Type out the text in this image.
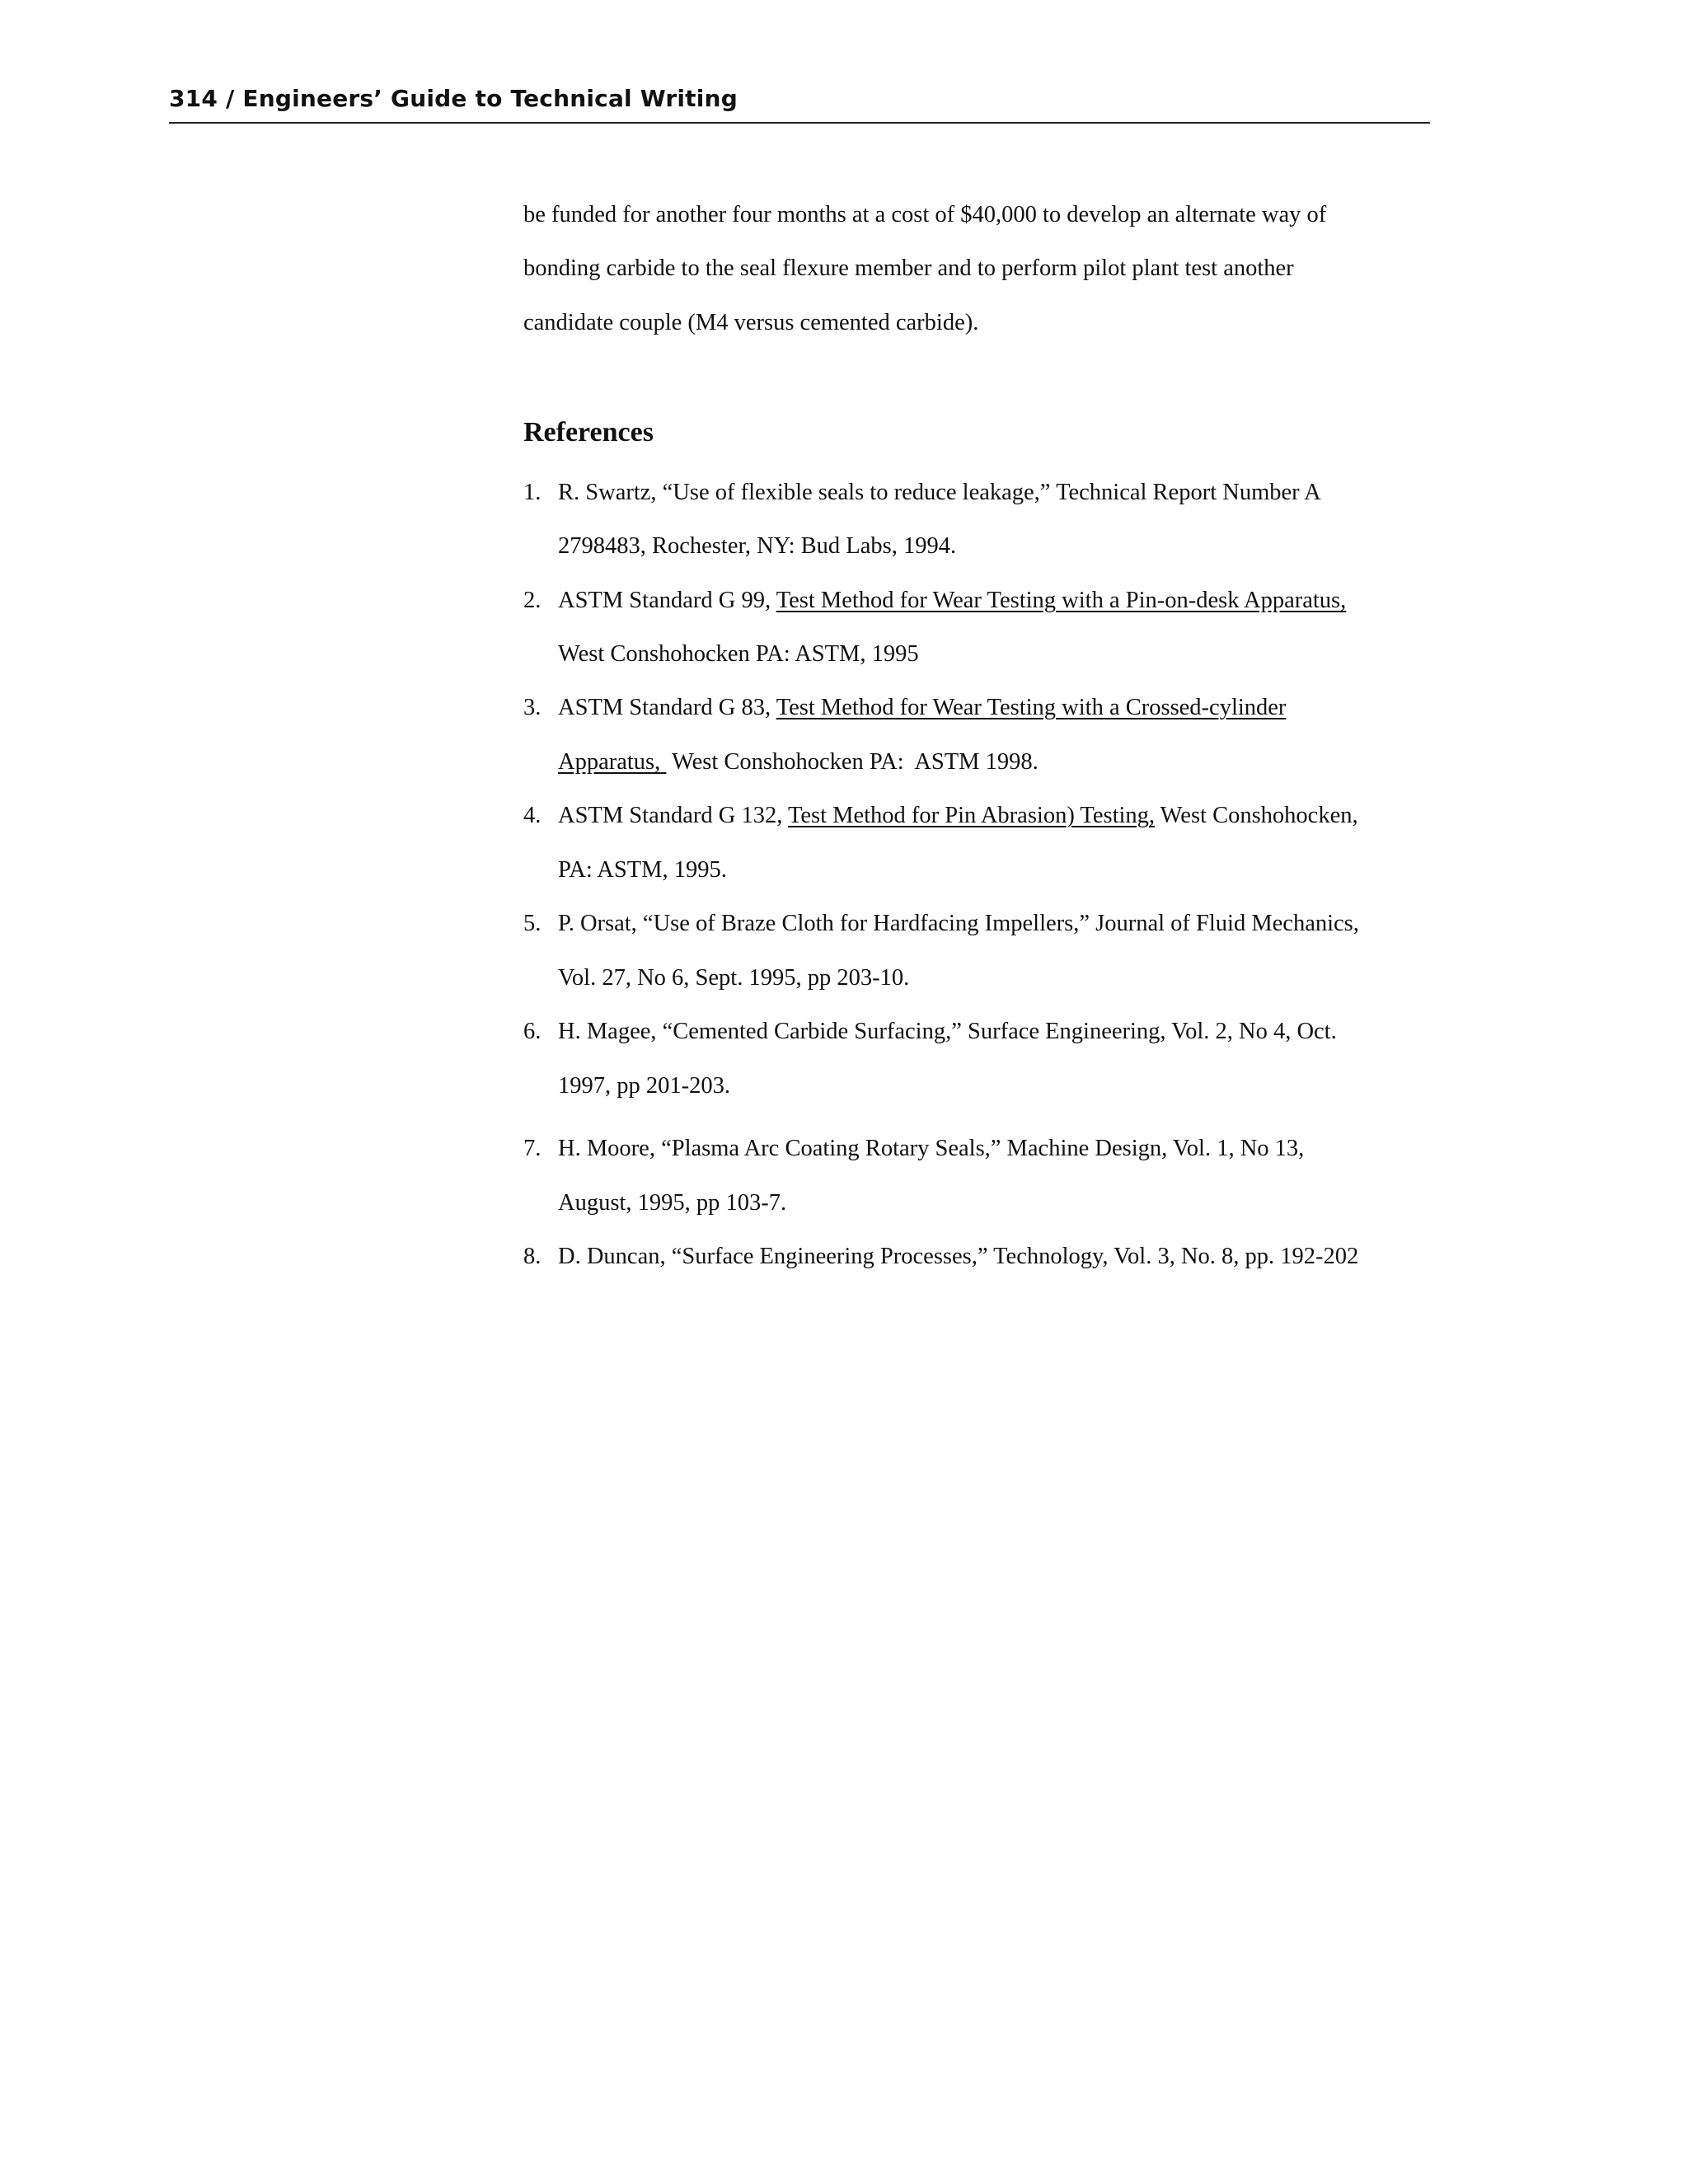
314 / Engineers’ Guide to Technical Writing
be funded for another four months at a cost of $40,000 to develop an alternate way of
bonding carbide to the seal flexure member and to perform pilot plant test another
candidate couple (M4 versus cemented carbide).
References
1. R. Swartz, “Use of flexible seals to reduce leakage,” Technical Report Number A
2798483, Rochester, NY: Bud Labs, 1994.
2. ASTM Standard G 99, Test Method for Wear Testing with a Pin-on-desk Apparatus,
West Conshohocken PA: ASTM, 1995
3. ASTM Standard G 83, Test Method for Wear Testing with a Crossed-cylinder
Apparatus,  West Conshohocken PA:  ASTM 1998.
4. ASTM Standard G 132, Test Method for Pin Abrasion) Testing, West Conshohocken,
PA: ASTM, 1995.
5. P. Orsat, “Use of Braze Cloth for Hardfacing Impellers,” Journal of Fluid Mechanics,
Vol. 27, No 6, Sept. 1995, pp 203-10.
6. H. Magee, “Cemented Carbide Surfacing,” Surface Engineering, Vol. 2, No 4, Oct.
1997, pp 201-203.
7. H. Moore, “Plasma Arc Coating Rotary Seals,” Machine Design, Vol. 1, No 13,
August, 1995, pp 103-7.
8. D. Duncan, “Surface Engineering Processes,” Technology, Vol. 3, No. 8, pp. 192-202
